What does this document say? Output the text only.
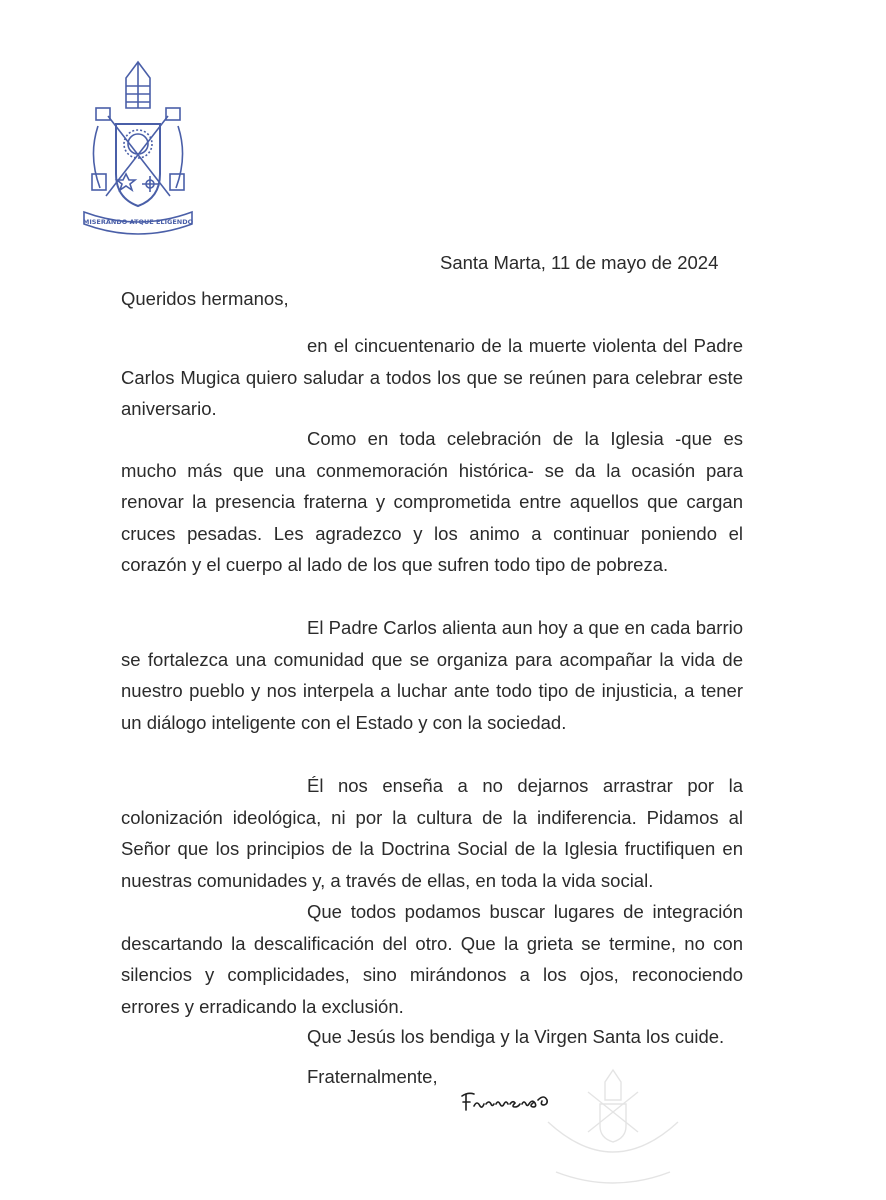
MISERANDO ATQUE ELIGENDO
Santa Marta, 11 de mayo de 2024
Queridos hermanos,
en el cincuentenario de la muerte violenta del Padre Carlos Mugica quiero saludar a todos los que se reúnen para celebrar este aniversario.
Como en toda celebración de la Iglesia -que es mucho más que una conmemoración histórica- se da la ocasión para renovar la presencia fraterna y comprometida entre aquellos que cargan cruces pesadas. Les agradezco y los animo a continuar poniendo el corazón y el cuerpo al lado de los que sufren todo tipo de pobreza.
El Padre Carlos alienta aun hoy a que en cada barrio se fortalezca una comunidad que se organiza para acompañar la vida de nuestro pueblo y nos interpela a luchar ante todo tipo de injusticia, a tener un diálogo inteligente con el Estado y con la sociedad.
Él nos enseña a no dejarnos arrastrar por la colonización ideológica, ni por la cultura de la indiferencia. Pidamos al Señor que los principios de la Doctrina Social de la Iglesia fructifiquen en nuestras comunidades y, a través de ellas, en toda la vida social.
Que todos podamos buscar lugares de integración descartando la descalificación del otro. Que la grieta se termine, no con silencios y complicidades, sino mirándonos a los ojos, reconociendo errores y erradicando la exclusión.
Que Jesús los bendiga y la Virgen Santa los cuide.
Fraternalmente,
